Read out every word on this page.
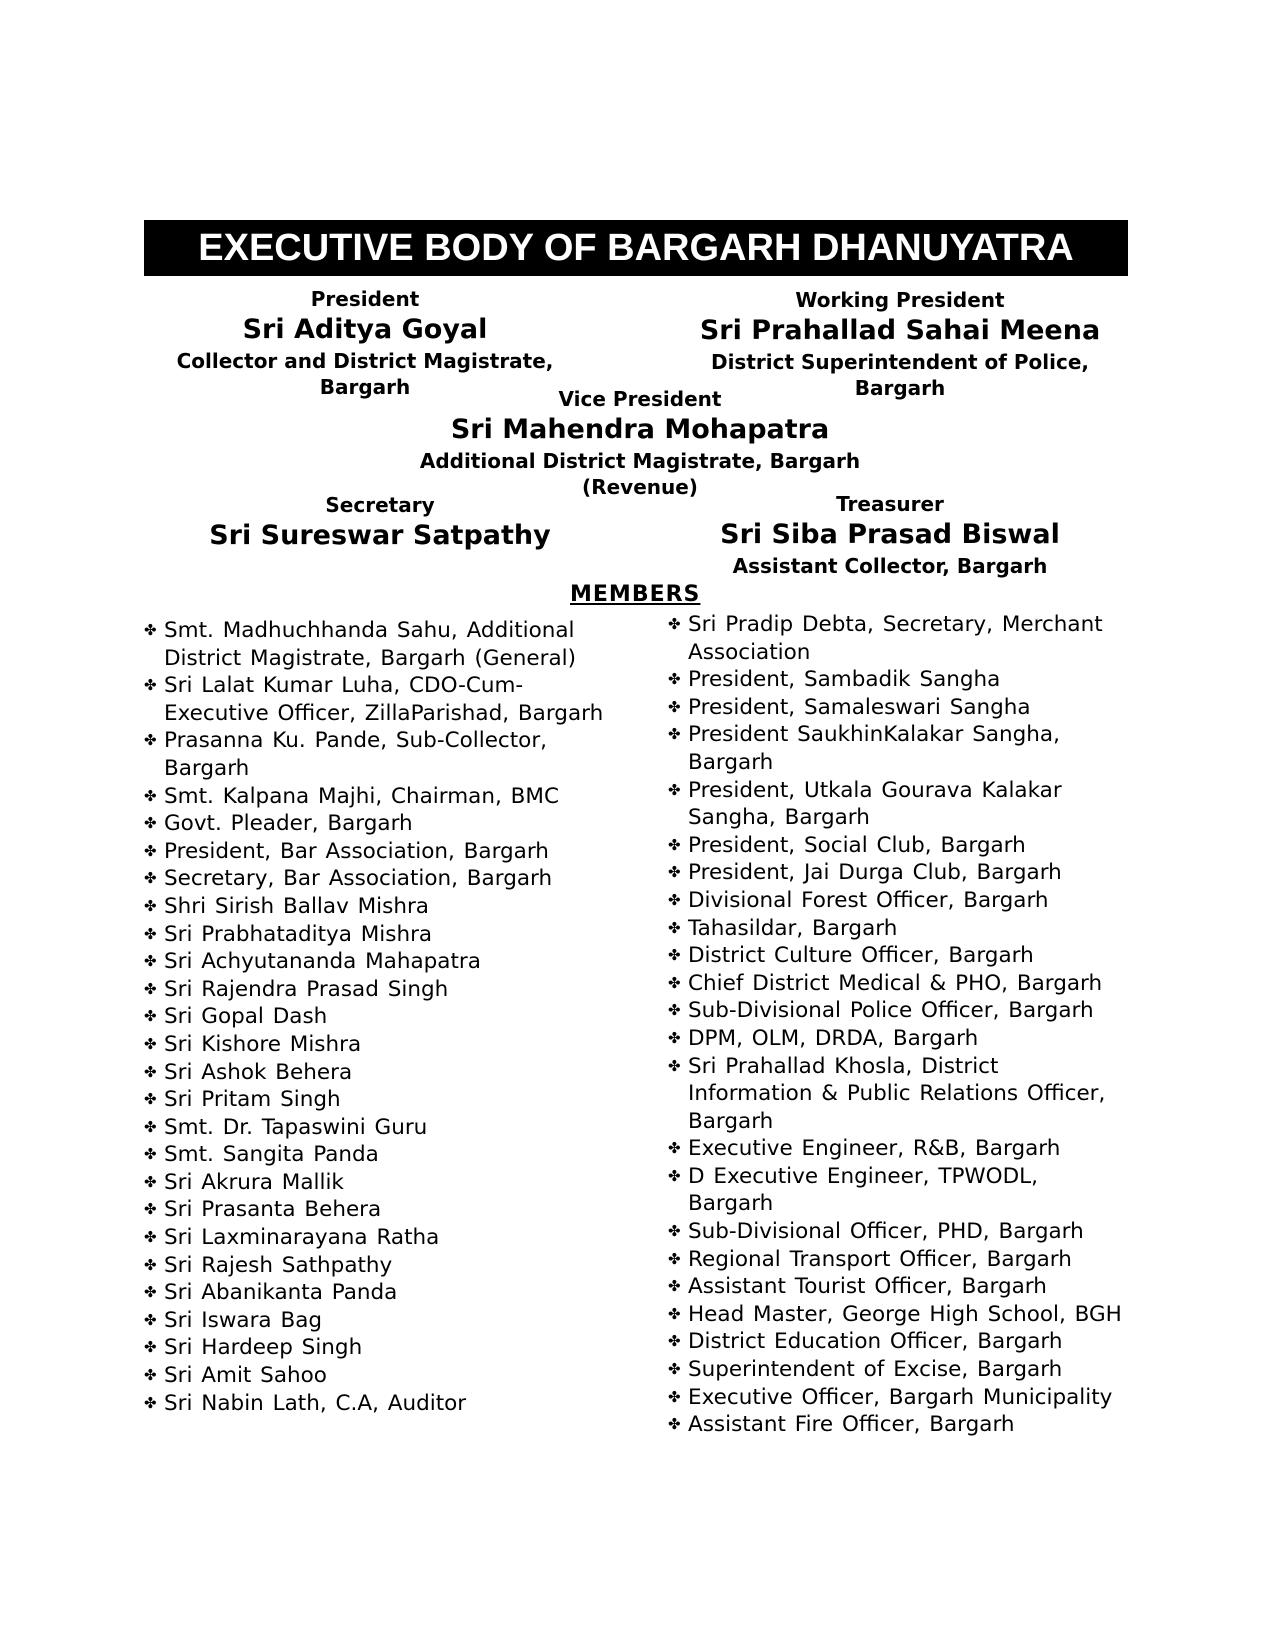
EXECUTIVE BODY OF BARGARH DHANUYATRA
President
Sri Aditya Goyal
Collector and District Magistrate, Bargarh
Working President
Sri Prahallad Sahai Meena
District Superintendent of Police,
Bargarh
Vice President
Sri Mahendra Mohapatra
Additional District Magistrate, Bargarh
(Revenue)
Secretary
Sri Sureswar Satpathy
Treasurer
Sri Siba Prasad Biswal
Assistant Collector, Bargarh
MEMBERS
✤ Smt. Madhuchhanda Sahu, Additional District Magistrate, Bargarh (General)
✤ Sri Lalat Kumar Luha, CDO-Cum-Executive Officer, ZillaParishad, Bargarh
✤ Prasanna Ku. Pande, Sub-Collector, Bargarh
✤ Smt. Kalpana Majhi, Chairman, BMC
✤ Govt. Pleader, Bargarh
✤ President, Bar Association, Bargarh
✤ Secretary, Bar Association, Bargarh
✤ Shri Sirish Ballav Mishra
✤ Sri Prabhataditya Mishra
✤ Sri Achyutananda Mahapatra
✤ Sri Rajendra Prasad Singh
✤ Sri Gopal Dash
✤ Sri Kishore Mishra
✤ Sri Ashok Behera
✤ Sri Pritam Singh
✤ Smt. Dr. Tapaswini Guru
✤ Smt. Sangita Panda
✤ Sri Akrura Mallik
✤ Sri Prasanta Behera
✤ Sri Laxminarayana Ratha
✤ Sri Rajesh Sathpathy
✤ Sri Abanikanta Panda
✤ Sri Iswara Bag
✤ Sri Hardeep Singh
✤ Sri Amit Sahoo
✤ Sri Nabin Lath, C.A, Auditor
✤ Sri Pradip Debta, Secretary, Merchant Association
✤ President, Sambadik Sangha
✤ President, Samaleswari Sangha
✤ President SaukhinKalakar Sangha, Bargarh
✤ President, Utkala Gourava Kalakar Sangha, Bargarh
✤ President, Social Club, Bargarh
✤ President, Jai Durga Club, Bargarh
✤ Divisional Forest Officer, Bargarh
✤ Tahasildar, Bargarh
✤ District Culture Officer, Bargarh
✤ Chief District Medical & PHO, Bargarh
✤ Sub-Divisional Police Officer, Bargarh
✤ DPM, OLM, DRDA, Bargarh
✤ Sri Prahallad Khosla, District Information & Public Relations Officer, Bargarh
✤ Executive Engineer, R&B, Bargarh
✤ D Executive Engineer, TPWODL, Bargarh
✤ Sub-Divisional Officer, PHD, Bargarh
✤ Regional Transport Officer, Bargarh
✤ Assistant Tourist Officer, Bargarh
✤ Head Master, George High School, BGH
✤ District Education Officer, Bargarh
✤ Superintendent of Excise, Bargarh
✤ Executive Officer, Bargarh Municipality
✤ Assistant Fire Officer, Bargarh
